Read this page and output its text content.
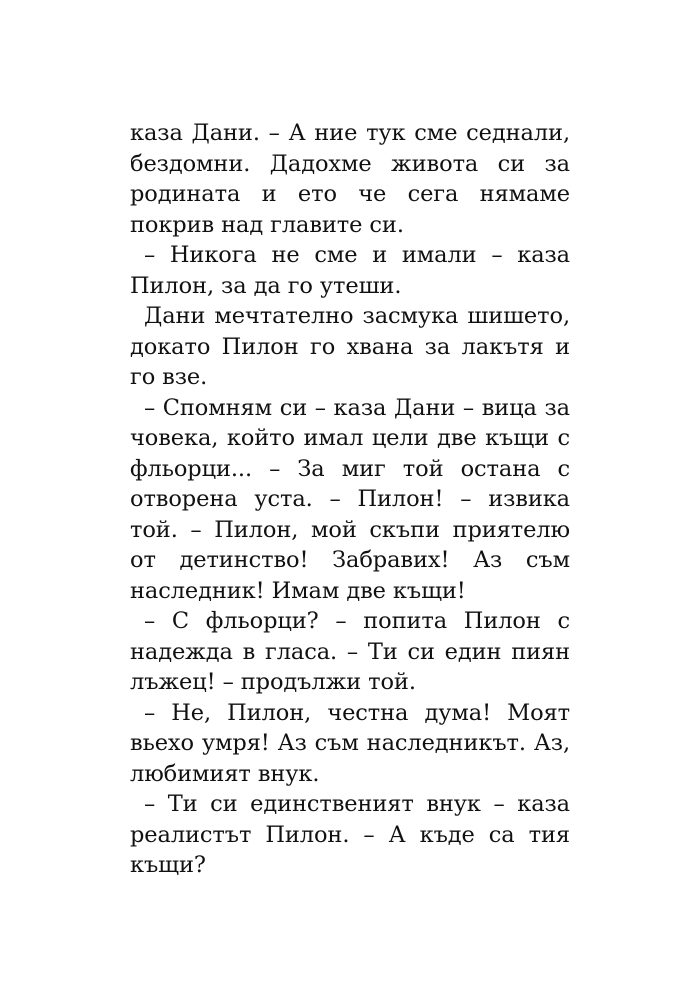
каза Дани. – А ние тук сме седнали, бездомни. Дадохме живота си за родината и ето че сега нямаме покрив над главите си.

– Никога не сме и имали – каза Пилон, за да го утеши.

Дани мечтателно засмука шишето, докато Пилон го хвана за лакътя и го взе.

– Спомням си – каза Дани – вица за човека, който имал цели две къщи с фльорци... – За миг той остана с отворена уста. – Пилон! – извика той. – Пилон, мой скъпи приятелю от детинство! Забравих! Аз съм наследник! Имам две къщи!

– С фльорци? – попита Пилон с надежда в гласа. – Ти си един пиян лъжец! – продължи той.

– Не, Пилон, честна дума! Моят вьехо умря! Аз съм наследникът. Аз, любимият внук.

– Ти си единственият внук – каза реалистът Пилон. – А къде са тия къщи?
